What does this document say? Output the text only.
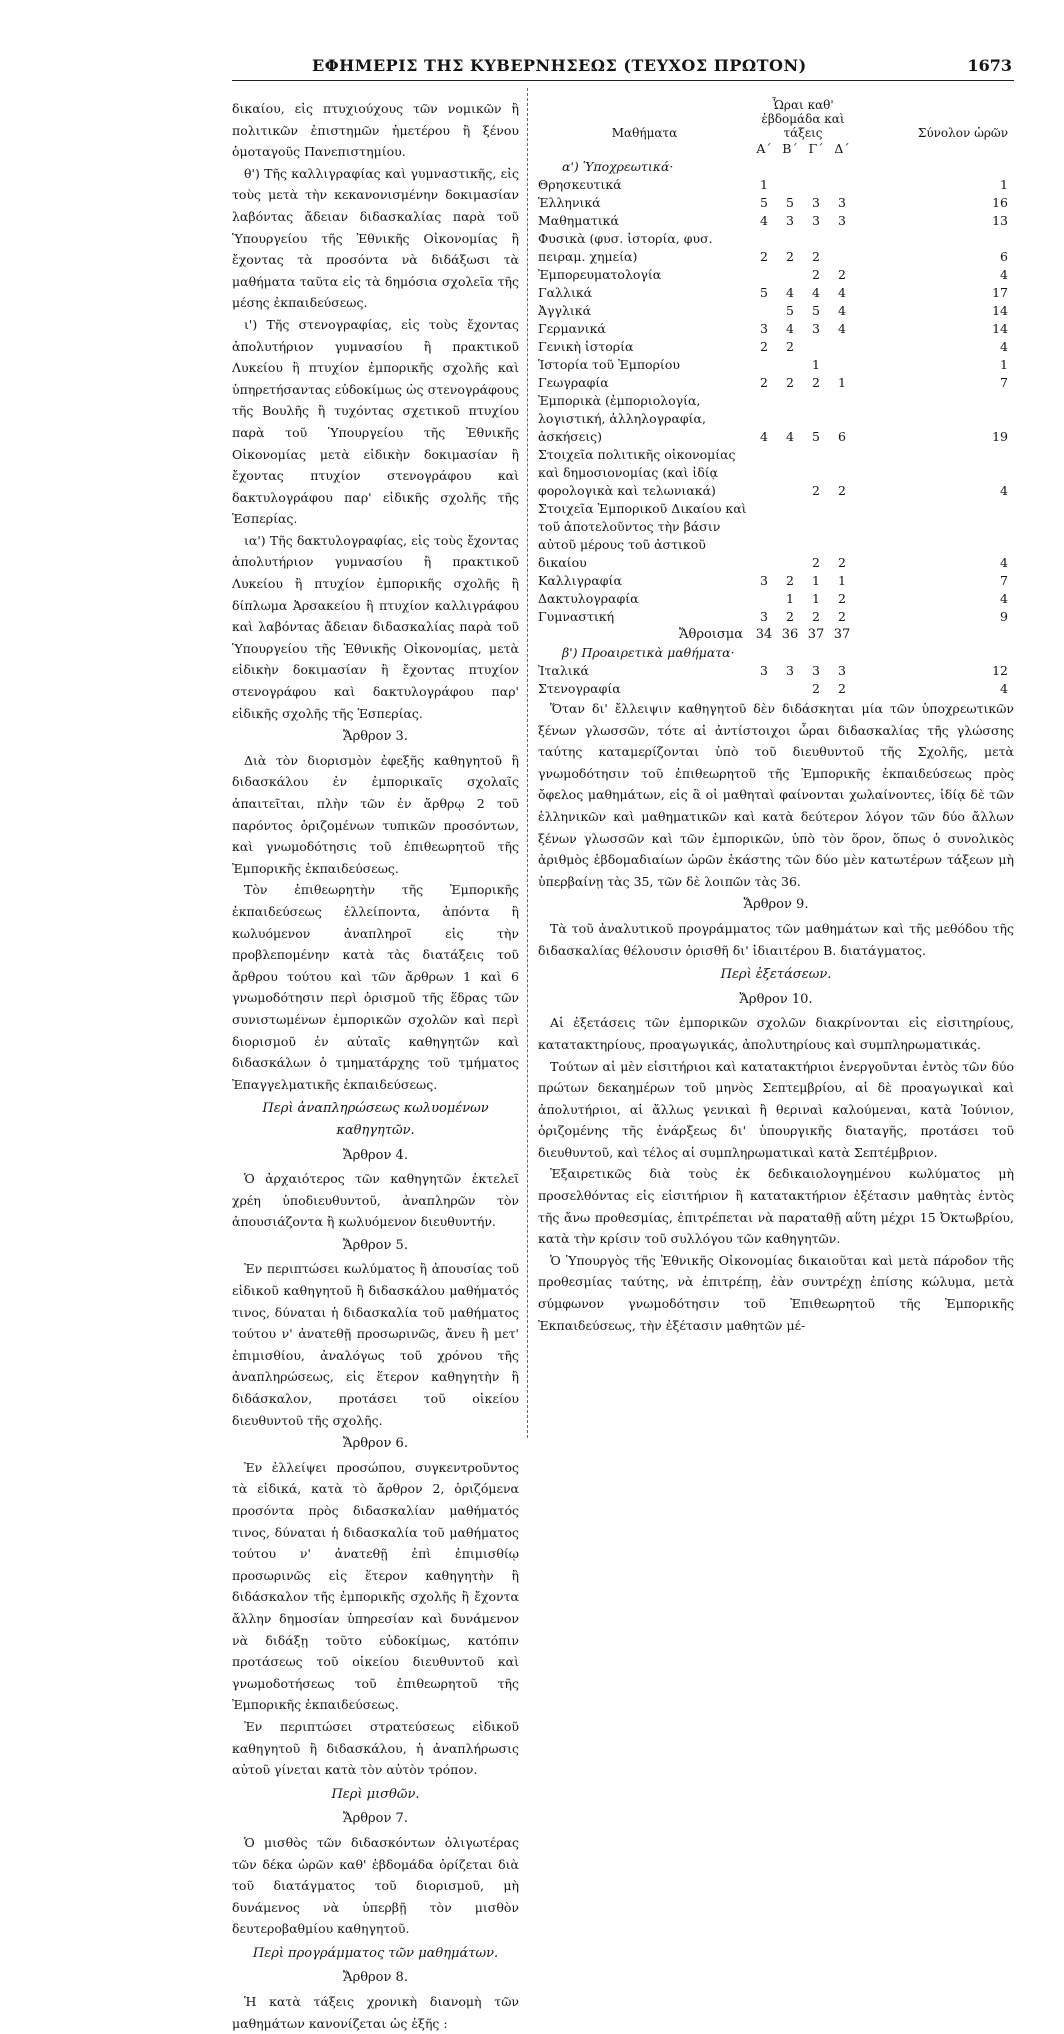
ΕΦΗΜΕΡΙΣ ΤΗΣ ΚΥΒΕΡΝΗΣΕΩΣ (ΤΕΥΧΟΣ ΠΡΩΤΟΝ)	1673

δικαίου, εἰς πτυχιούχους τῶν νομικῶν ἢ πολιτικῶν ἐπιστημῶν ἡμετέρου ἢ ξένου ὁμοταγοῦς Πανεπιστημίου.

θ') Τῆς καλλιγραφίας καὶ γυμναστικῆς, εἰς τοὺς μετὰ τὴν κεκανονισμένην δοκιμασίαν λαβόντας ἄδειαν διδασκαλίας παρὰ τοῦ Ὑπουργείου τῆς Ἐθνικῆς Οἰκονομίας ἢ ἔχοντας τὰ προσόντα νὰ διδάξωσι τὰ μαθήματα ταῦτα εἰς τὰ δημόσια σχολεῖα τῆς μέσης ἐκπαιδεύσεως.

ι') Τῆς στενογραφίας, εἰς τοὺς ἔχοντας ἀπολυτήριον γυμνασίου ἢ πρακτικοῦ Λυκείου ἢ πτυχίον ἐμπορικῆς σχολῆς καὶ ὑπηρετήσαντας εὐδοκίμως ὡς στενογράφους τῆς Βουλῆς ἢ τυχόντας σχετικοῦ πτυχίου παρὰ τοῦ Ὑπουργείου τῆς Ἐθνικῆς Οἰκονομίας μετὰ εἰδικὴν δοκιμασίαν ἢ ἔχοντας πτυχίον στενογράφου καὶ δακτυλογράφου παρ' εἰδικῆς σχολῆς τῆς Ἑσπερίας.

ια') Τῆς δακτυλογραφίας, εἰς τοὺς ἔχοντας ἀπολυτήριον γυμνασίου ἢ πρακτικοῦ Λυκείου ἢ πτυχίον ἐμπορικῆς σχολῆς ἢ δίπλωμα Ἀρσακείου ἢ πτυχίον καλλιγράφου καὶ λαβόντας ἄδειαν διδασκαλίας παρὰ τοῦ Ὑπουργείου τῆς Ἐθνικῆς Οἰκονομίας, μετὰ εἰδικὴν δοκιμασίαν ἢ ἔχοντας πτυχίον στενογράφου καὶ δακτυλογράφου παρ' εἰδικῆς σχολῆς τῆς Ἑσπερίας.

Ἄρθρον 3.

Διὰ τὸν διορισμὸν ἐφεξῆς καθηγητοῦ ἢ διδασκάλου ἐν ἐμπορικαῖς σχολαῖς ἀπαιτεῖται, πλὴν τῶν ἐν ἄρθρῳ 2 τοῦ παρόντος ὁριζομένων τυπικῶν προσόντων, καὶ γνωμοδότησις τοῦ ἐπιθεωρητοῦ τῆς Ἐμπορικῆς ἐκπαιδεύσεως.

Τὸν ἐπιθεωρητὴν τῆς Ἐμπορικῆς ἐκπαιδεύσεως ἐλλείποντα, ἀπόντα ἢ κωλυόμενον ἀναπληροῖ εἰς τὴν προβλεπομένην κατὰ τὰς διατάξεις τοῦ ἄρθρου τούτου καὶ τῶν ἄρθρων 1 καὶ 6 γνωμοδότησιν περὶ ὁρισμοῦ τῆς ἕδρας τῶν συνιστωμένων ἐμπορικῶν σχολῶν καὶ περὶ διορισμοῦ ἐν αὐταῖς καθηγητῶν καὶ διδασκάλων ὁ τμηματάρχης τοῦ τμήματος Ἐπαγγελματικῆς ἐκπαιδεύσεως.

Περὶ ἀναπληρώσεως κωλυομένων καθηγητῶν.
Ἄρθρον 4.

Ὁ ἀρχαιότερος τῶν καθηγητῶν ἐκτελεῖ χρέη ὑποδιευθυντοῦ, ἀναπληρῶν τὸν ἀπουσιάζοντα ἢ κωλυόμενον διευθυντήν.

Ἄρθρον 5.

Ἐν περιπτώσει κωλύματος ἢ ἀπουσίας τοῦ εἰδικοῦ καθηγητοῦ ἢ διδασκάλου μαθήματός τινος, δύναται ἡ διδασκαλία τοῦ μαθήματος τούτου ν' ἀνατεθῇ προσωρινῶς, ἄνευ ἢ μετ' ἐπιμισθίου, ἀναλόγως τοῦ χρόνου τῆς ἀναπληρώσεως, εἰς ἕτερον καθηγητὴν ἢ διδάσκαλον, προτάσει τοῦ οἰκείου διευθυντοῦ τῆς σχολῆς.

Ἄρθρον 6.

Ἐν ἐλλείψει προσώπου, συγκεντροῦντος τὰ εἰδικά, κατὰ τὸ ἄρθρον 2, ὁριζόμενα προσόντα πρὸς διδασκαλίαν μαθήματός τινος, δύναται ἡ διδασκαλία τοῦ μαθήματος τούτου ν' ἀνατεθῇ ἐπὶ ἐπιμισθίῳ προσωρινῶς εἰς ἕτερον καθηγητὴν ἢ διδάσκαλον τῆς ἐμπορικῆς σχολῆς ἢ ἔχοντα ἄλλην δημοσίαν ὑπηρεσίαν καὶ δυνάμενον νὰ διδάξῃ τοῦτο εὐδοκίμως, κατόπιν προτάσεως τοῦ οἰκείου διευθυντοῦ καὶ γνωμοδοτήσεως τοῦ ἐπιθεωρητοῦ τῆς Ἐμπορικῆς ἐκπαιδεύσεως.

Ἐν περιπτώσει στρατεύσεως εἰδικοῦ καθηγητοῦ ἢ διδασκάλου, ἡ ἀναπλήρωσις αὐτοῦ γίνεται κατὰ τὸν αὐτὸν τρόπον.

Περὶ μισθῶν.
Ἄρθρον 7.

Ὁ μισθὸς τῶν διδασκόντων ὀλιγωτέρας τῶν δέκα ὡρῶν καθ' ἑβδομάδα ὁρίζεται διὰ τοῦ διατάγματος τοῦ διορισμοῦ, μὴ δυνάμενος νὰ ὑπερβῇ τὸν μισθὸν δευτεροβαθμίου καθηγητοῦ.

Περὶ προγράμματος τῶν μαθημάτων.
Ἄρθρον 8.

Ἡ κατὰ τάξεις χρονικὴ διανομὴ τῶν μαθημάτων κανονίζεται ὡς ἑξῆς :

Μαθήματα	Ὧραι καθ' ἑβδομάδα καὶ τάξεις				Σύνολον ὡρῶν
	Α΄	Β΄	Γ΄	Δ΄	
α') Ὑποχρεωτικά·					
Θρησκευτικά	1				1
Ἑλληνικά	5	5	3	3	16
Μαθηματικά	4	3	3	3	13
Φυσικὰ (φυσ. ἱστορία, φυσ. πειραμ. χημεία)	2	2	2		6
Ἐμπορευματολογία			2	2	4
Γαλλικά	5	4	4	4	17
Ἀγγλικά		5	5	4	14
Γερμανικά	3	4	3	4	14
Γενικὴ ἱστορία	2	2			4
Ἱστορία τοῦ Ἐμπορίου			1		1
Γεωγραφία	2	2	2	1	7
Ἐμπορικὰ (ἐμποριολογία, λογιστική, ἀλληλογραφία, ἀσκήσεις)	4	4	5	6	19
Στοιχεῖα πολιτικῆς οἰκονομίας καὶ δημοσιονομίας (καὶ ἰδίᾳ φορολογικὰ καὶ τελωνιακά)			2	2	4
Στοιχεῖα Ἐμπορικοῦ Δικαίου καὶ τοῦ ἀποτελοῦντος τὴν βάσιν αὐτοῦ μέρους τοῦ ἀστικοῦ δικαίου			2	2	4
Καλλιγραφία	3	2	1	1	7
Δακτυλογραφία		1	1	2	4
Γυμναστική	3	2	2	2	9
Ἄθροισμα	34	36	37	37	
β') Προαιρετικὰ μαθήματα·					
Ἰταλικά	3	3	3	3	12
Στενογραφία			2	2	4

Ὅταν δι' ἔλλειψιν καθηγητοῦ δὲν διδάσκηται μία τῶν ὑποχρεωτικῶν ξένων γλωσσῶν, τότε αἱ ἀντίστοιχοι ὧραι διδασκαλίας τῆς γλώσσης ταύτης καταμερίζονται ὑπὸ τοῦ διευθυντοῦ τῆς Σχολῆς, μετὰ γνωμοδότησιν τοῦ ἐπιθεωρητοῦ τῆς Ἐμπορικῆς ἐκπαιδεύσεως πρὸς ὄφελος μαθημάτων, εἰς ἃ οἱ μαθηταὶ φαίνονται χωλαίνοντες, ἰδίᾳ δὲ τῶν ἑλληνικῶν καὶ μαθηματικῶν καὶ κατὰ δεύτερον λόγον τῶν δύο ἄλλων ξένων γλωσσῶν καὶ τῶν ἐμπορικῶν, ὑπὸ τὸν ὅρον, ὅπως ὁ συνολικὸς ἀριθμὸς ἑβδομαδιαίων ὡρῶν ἑκάστης τῶν δύο μὲν κατωτέρων τάξεων μὴ ὑπερβαίνῃ τὰς 35, τῶν δὲ λοιπῶν τὰς 36.

Ἄρθρον 9.

Τὰ τοῦ ἀναλυτικοῦ προγράμματος τῶν μαθημάτων καὶ τῆς μεθόδου τῆς διδασκαλίας θέλουσιν ὁρισθῆ δι' ἰδιαιτέρου Β. διατάγματος.

Περὶ ἐξετάσεων.
Ἄρθρον 10.

Αἱ ἐξετάσεις τῶν ἐμπορικῶν σχολῶν διακρίνονται εἰς εἰσιτηρίους, κατατακτηρίους, προαγωγικάς, ἀπολυτηρίους καὶ συμπληρωματικάς.

Τούτων αἱ μὲν εἰσιτήριοι καὶ κατατακτήριοι ἐνεργοῦνται ἐντὸς τῶν δύο πρώτων δεκαημέρων τοῦ μηνὸς Σεπτεμβρίου, αἱ δὲ προαγωγικαὶ καὶ ἀπολυτήριοι, αἱ ἄλλως γενικαὶ ἢ θεριναὶ καλούμεναι, κατὰ Ἰούνιον, ὁριζομένης τῆς ἐνάρξεως δι' ὑπουργικῆς διαταγῆς, προτάσει τοῦ διευθυντοῦ, καὶ τέλος αἱ συμπληρωματικαὶ κατὰ Σεπτέμβριον.

Ἐξαιρετικῶς διὰ τοὺς ἐκ δεδικαιολογημένου κωλύματος μὴ προσελθόντας εἰς εἰσιτήριον ἢ κατατακτήριον ἐξέτασιν μαθητὰς ἐντὸς τῆς ἄνω προθεσμίας, ἐπιτρέπεται νὰ παραταθῇ αὕτη μέχρι 15 Ὀκτωβρίου, κατὰ τὴν κρίσιν τοῦ συλλόγου τῶν καθηγητῶν.

Ὁ Ὑπουργὸς τῆς Ἐθνικῆς Οἰκονομίας δικαιοῦται καὶ μετὰ πάροδον τῆς προθεσμίας ταύτης, νὰ ἐπιτρέπῃ, ἐὰν συντρέχῃ ἐπίσης κώλυμα, μετὰ σύμφωνον γνωμοδότησιν τοῦ Ἐπιθεωρητοῦ τῆς Ἐμπορικῆς Ἐκπαιδεύσεως, τὴν ἐξέτασιν μαθητῶν μέ-
